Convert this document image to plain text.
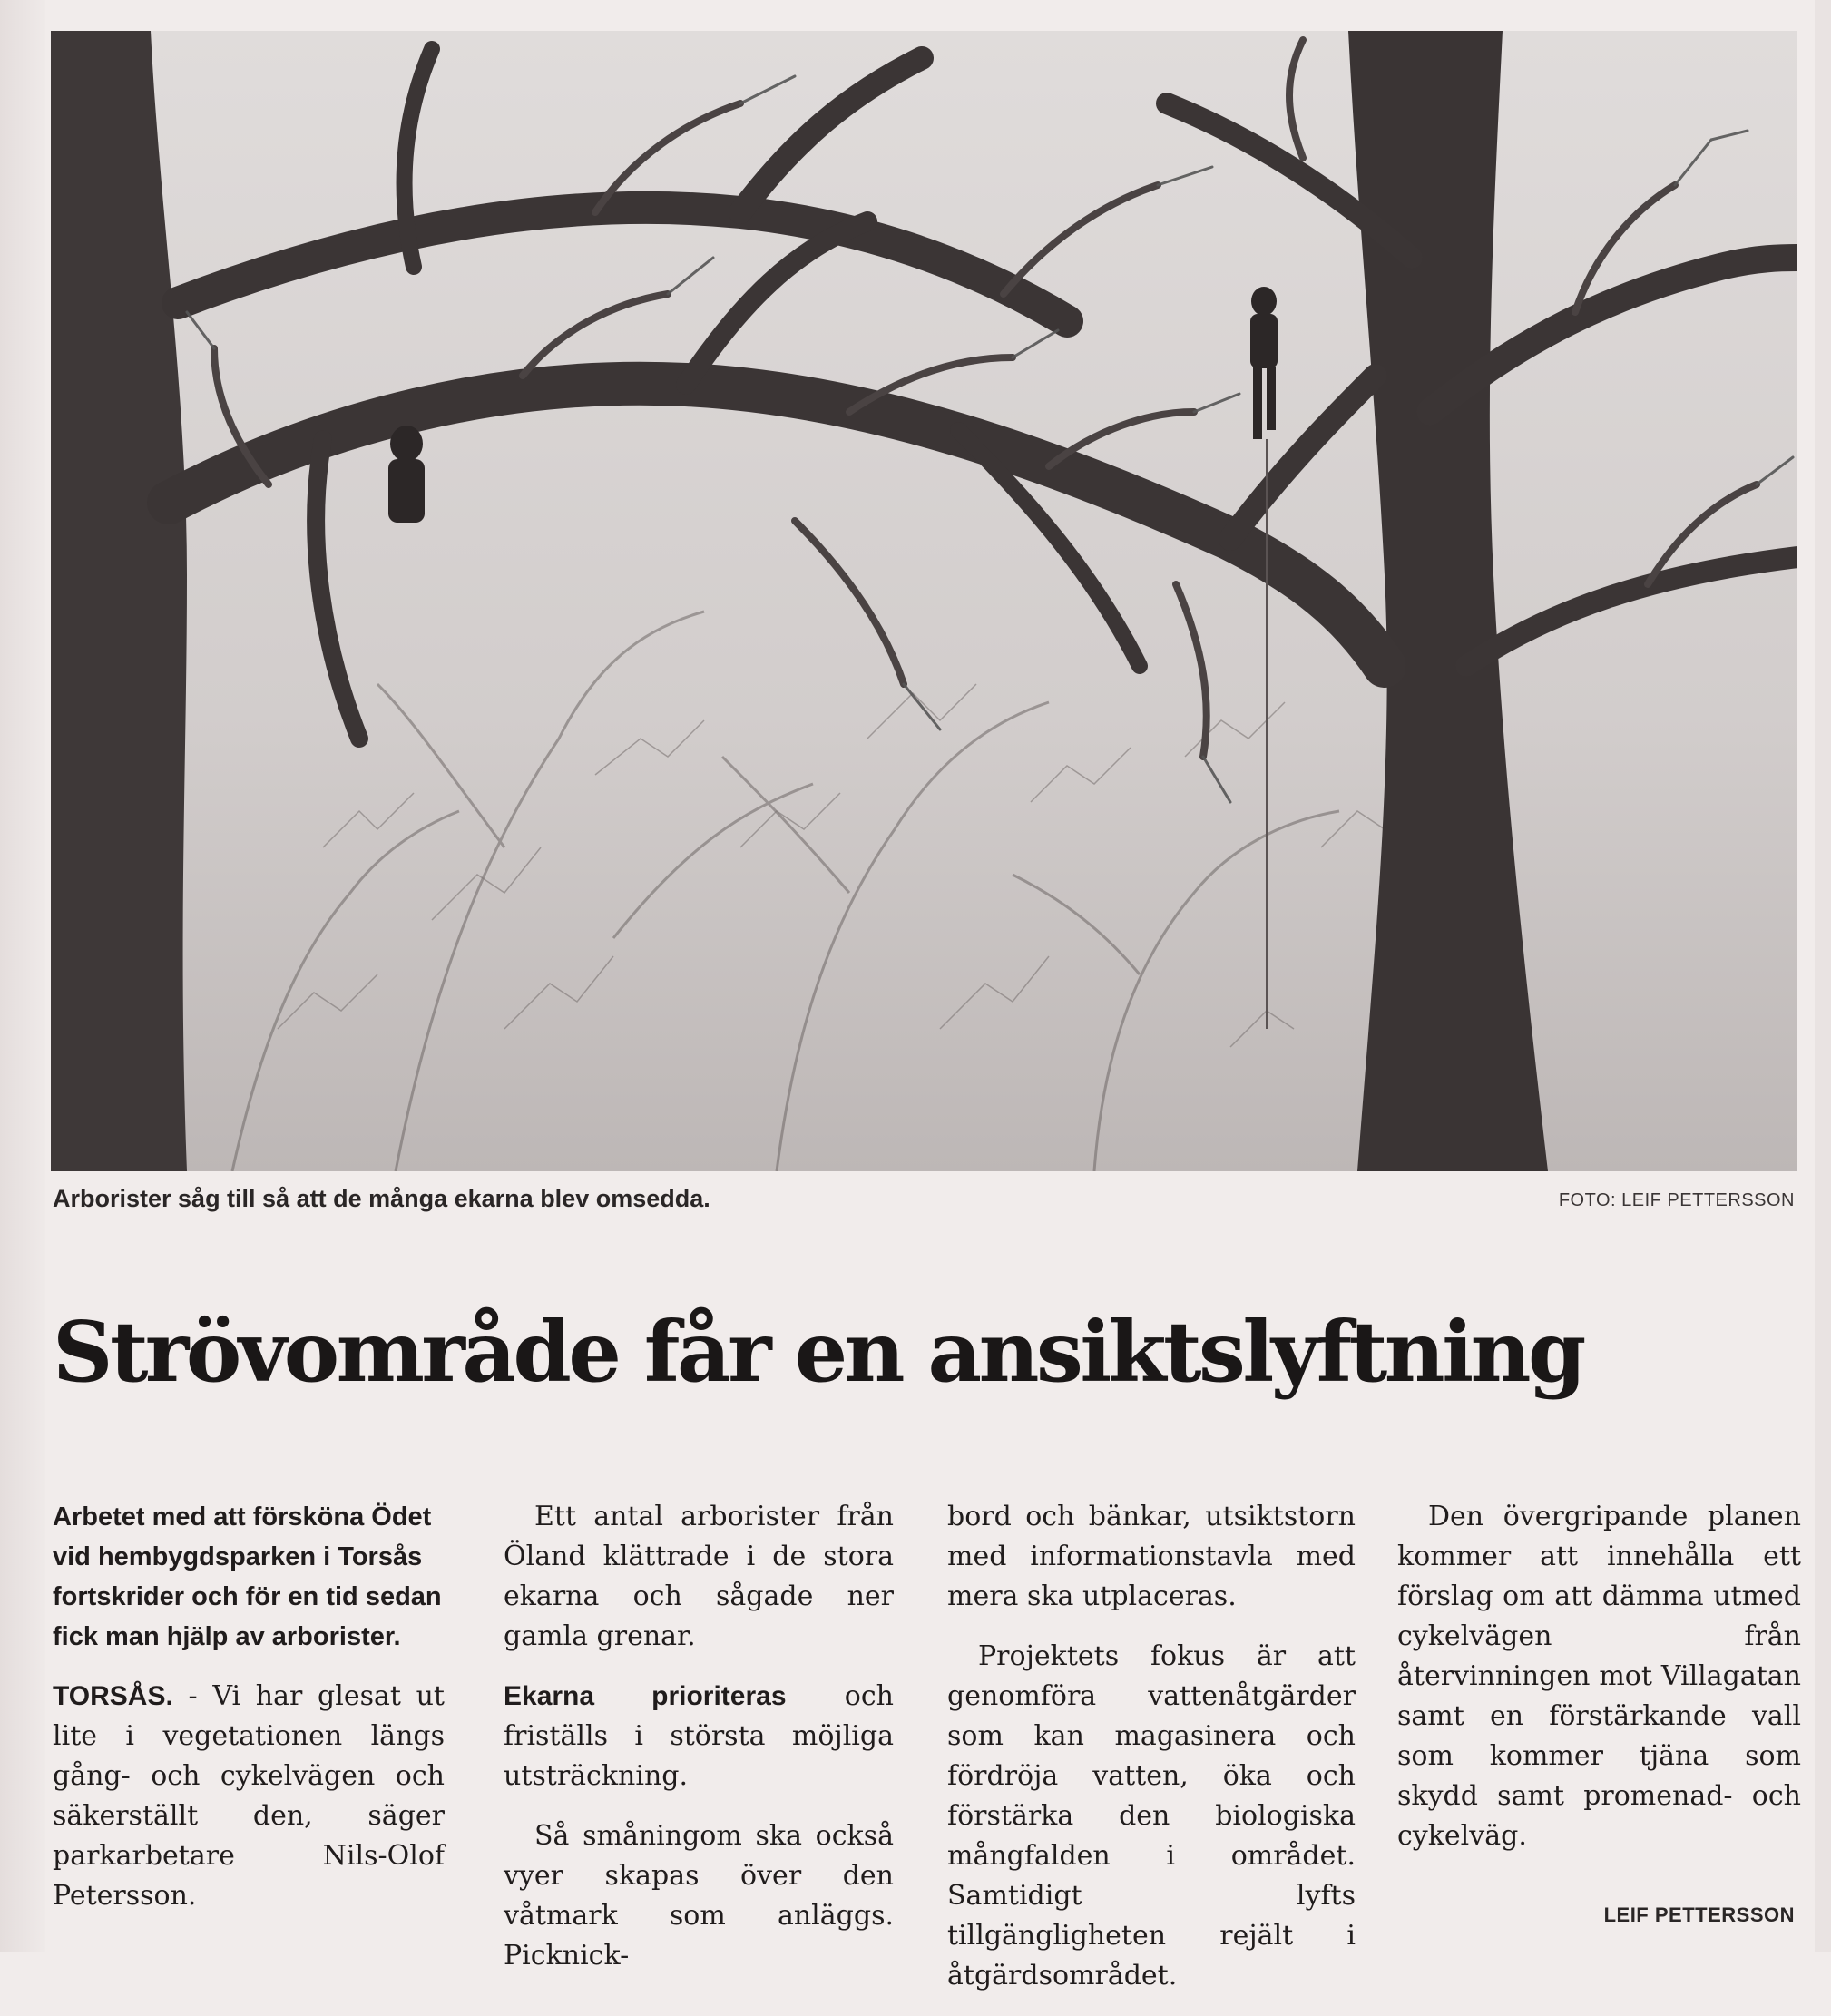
Arborister såg till så att de många ekarna blev omsedda.	FOTO: LEIF PETTERSSON
Strövområde får en ansiktslyftning

Arbetet med att försköna Ödet vid hembygdsparken i Torsås fortskrider och för en tid sedan fick man hjälp av arborister.

TORSÅS. - Vi har glesat ut lite i vegetationen längs gång- och cykelvägen och säkerställt den, säger parkarbetare Nils-Olof Petersson.

Ett antal arborister från Öland klättrade i de stora ekarna och sågade ner gamla grenar.

Ekarna prioriteras och friställs i största möjliga utsträckning.

Så småningom ska också vyer skapas över den våtmark som anläggs. Picknick-

bord och bänkar, utsiktstorn med informationstavla med mera ska utplaceras.

Projektets fokus är att genomföra vattenåtgärder som kan magasinera och fördröja vatten, öka och förstärka den biologiska mångfalden i området. Samtidigt lyfts tillgängligheten rejält i åtgärdsområdet.

Den övergripande planen kommer att innehålla ett förslag om att dämma utmed cykelvägen från återvinningen mot Villagatan samt en förstärkande vall som kommer tjäna som skydd samt promenad- och cykelväg.

LEIF PETTERSSON
